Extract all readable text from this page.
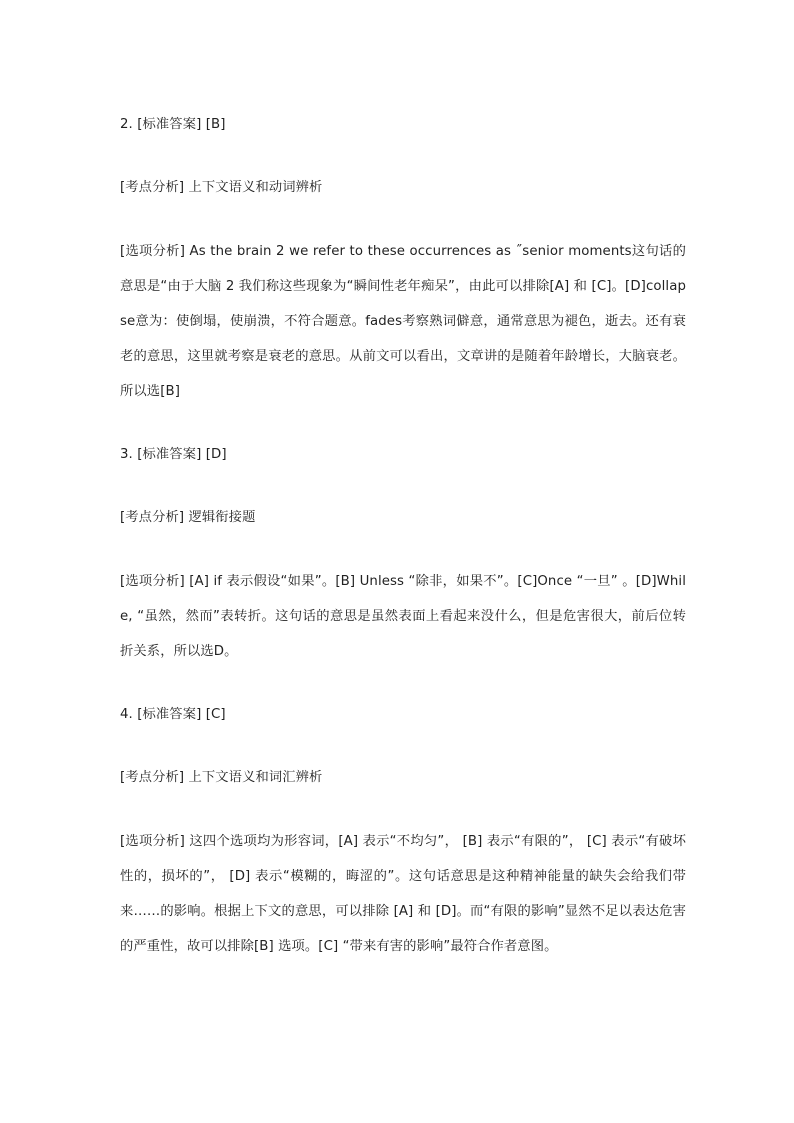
2. [标准答案] [B]

[考点分析] 上下文语义和动词辨析

[选项分析] As the brain 2 we refer to these occurrences as ˝senior moments这句话的意思是“由于大脑 2 我们称这些现象为“瞬间性老年痴呆”，由此可以排除[A] 和 [C]。[D]collapse意为：使倒塌，使崩溃，不符合题意。fades考察熟词僻意，通常意思为褪色，逝去。还有衰老的意思，这里就考察是衰老的意思。从前文可以看出，文章讲的是随着年龄增长，大脑衰老。所以选[B]

3. [标准答案] [D]

[考点分析] 逻辑衔接题

[选项分析] [A] if 表示假设“如果”。[B] Unless “除非，如果不”。[C]Once “一旦” 。[D]While, “虽然，然而”表转折。这句话的意思是虽然表面上看起来没什么，但是危害很大，前后位转折关系，所以选D。

4. [标准答案] [C]

[考点分析] 上下文语义和词汇辨析

[选项分析] 这四个选项均为形容词，[A] 表示“不均匀”， [B] 表示“有限的”， [C] 表示“有破坏性的，损坏的”， [D] 表示“模糊的，晦涩的”。这句话意思是这种精神能量的缺失会给我们带来……的影响。根据上下文的意思，可以排除 [A] 和 [D]。而“有限的影响”显然不足以表达危害的严重性，故可以排除[B] 选项。[C] “带来有害的影响”最符合作者意图。
